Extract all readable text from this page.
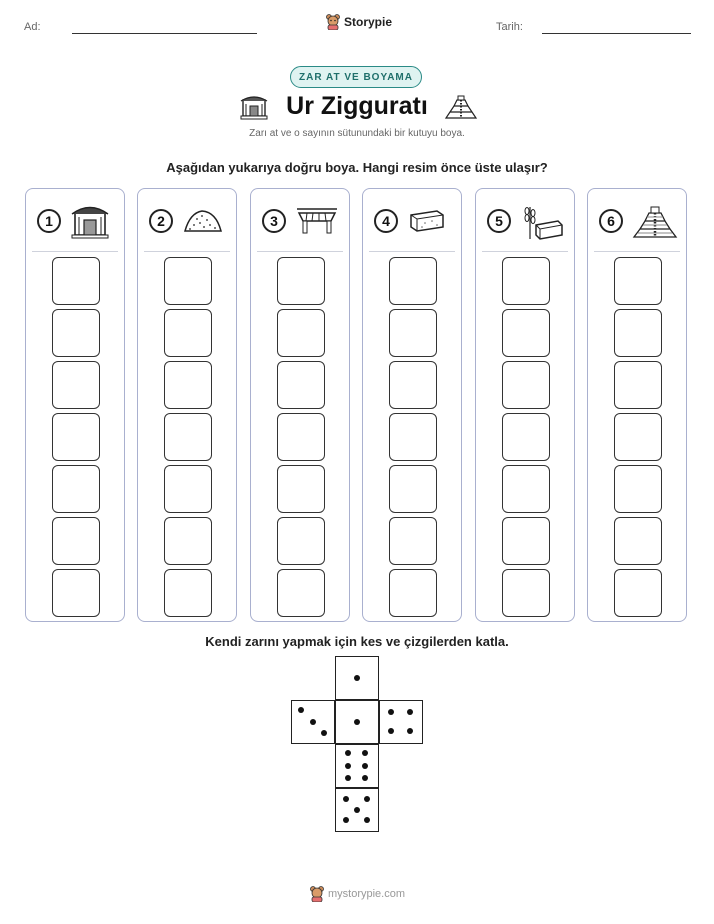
Ad:	Storypie	Tarih:
ZAR AT VE BOYAMA
Ur Zigguratı
Zarı at ve o sayının sütunundaki bir kutuyu boya.
Aşağıdan yukarıya doğru boya. Hangi resim önce üste ulaşır?
1	2	3	4	5	6
Kendi zarını yapmak için kes ve çizgilerden katla.
mystorypie.com
